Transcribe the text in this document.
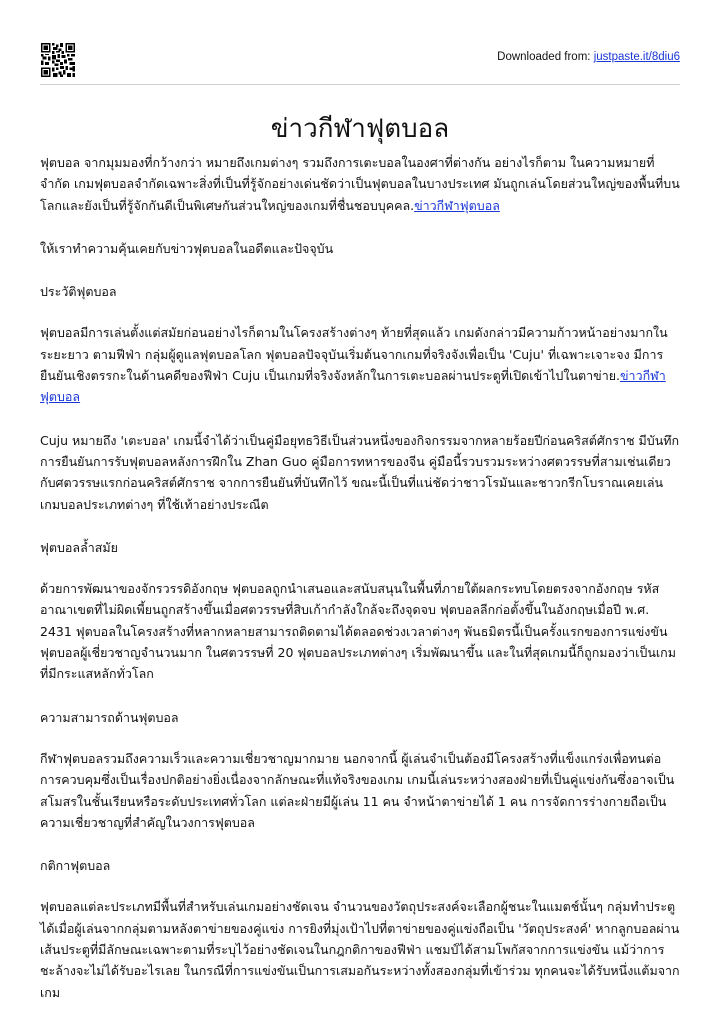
Downloaded from: justpaste.it/8diu6
ข่าวกีฬาฟุตบอล

ฟุตบอล จากมุมมองที่กว้างกว่า หมายถึงเกมต่างๆ รวมถึงการเตะบอลในองศาที่ต่างกัน อย่างไรก็ตาม ในความหมายที่จำกัด เกมฟุตบอลจำกัดเฉพาะสิ่งที่เป็นที่รู้จักอย่างเด่นชัดว่าเป็นฟุตบอลในบางประเทศ มันถูกเล่นโดยส่วนใหญ่ของพื้นที่บนโลกและยังเป็นที่รู้จักกันดีเป็นพิเศษกันส่วนใหญ่ของเกมที่ชื่นชอบบุคคล.ข่าวกีฬาฟุตบอล

ให้เราทำความคุ้นเคยกับข่าวฟุตบอลในอดีตและปัจจุบัน

ประวัติฟุตบอล

ฟุตบอลมีการเล่นตั้งแต่สมัยก่อนอย่างไรก็ตามในโครงสร้างต่างๆ ท้ายที่สุดแล้ว เกมดังกล่าวมีความก้าวหน้าอย่างมากในระยะยาว ตามฟีฟ่า กลุ่มผู้ดูแลฟุตบอลโลก ฟุตบอลปัจจุบันเริ่มต้นจากเกมที่จริงจังเพื่อเป็น 'Cuju' ที่เฉพาะเจาะจง มีการยืนยันเชิงตรรกะในด้านคดีของฟีฟ่า Cuju เป็นเกมที่จริงจังหลักในการเตะบอลผ่านประตูที่เปิดเข้าไปในตาข่าย.ข่าวกีฬาฟุตบอล

Cuju หมายถึง 'เตะบอล' เกมนี้จำได้ว่าเป็นคู่มือยุทธวิธีเป็นส่วนหนึ่งของกิจกรรมจากหลายร้อยปีก่อนคริสต์ศักราช มีบันทึกการยืนยันการรับฟุตบอลหลังการฝึกใน Zhan Guo คู่มือการทหารของจีน คู่มือนี้รวบรวมระหว่างศตวรรษที่สามเช่นเดียวกับศตวรรษแรกก่อนคริสต์ศักราช จากการยืนยันที่บันทึกไว้ ขณะนี้เป็นที่แน่ชัดว่าชาวโรมันและชาวกรีกโบราณเคยเล่นเกมบอลประเภทต่างๆ ที่ใช้เท้าอย่างประณีต

ฟุตบอลล้ำสมัย

ด้วยการพัฒนาของจักรวรรดิอังกฤษ ฟุตบอลถูกนำเสนอและสนับสนุนในพื้นที่ภายใต้ผลกระทบโดยตรงจากอังกฤษ รหัสอาณาเขตที่ไม่ผิดเพี้ยนถูกสร้างขึ้นเมื่อศตวรรษที่สิบเก้ากำลังใกล้จะถึงจุดจบ ฟุตบอลลีกก่อตั้งขึ้นในอังกฤษเมื่อปี พ.ศ. 2431 ฟุตบอลในโครงสร้างที่หลากหลายสามารถติดตามได้ตลอดช่วงเวลาต่างๆ พันธมิตรนี้เป็นครั้งแรกของการแข่งขันฟุตบอลผู้เชี่ยวชาญจำนวนมาก ในศตวรรษที่ 20 ฟุตบอลประเภทต่างๆ เริ่มพัฒนาขึ้น และในที่สุดเกมนี้ก็ถูกมองว่าเป็นเกมที่มีกระแสหลักทั่วโลก

ความสามารถด้านฟุตบอล

กีฬาฟุตบอลรวมถึงความเร็วและความเชี่ยวชาญมากมาย นอกจากนี้ ผู้เล่นจำเป็นต้องมีโครงสร้างที่แข็งแกร่งเพื่อทนต่อการควบคุมซึ่งเป็นเรื่องปกติอย่างยิ่งเนื่องจากลักษณะที่แท้จริงของเกม เกมนี้เล่นระหว่างสองฝ่ายที่เป็นคู่แข่งกันซึ่งอาจเป็นสโมสรในชั้นเรียนหรือระดับประเทศทั่วโลก แต่ละฝ่ายมีผู้เล่น 11 คน จำหน้าตาข่ายได้ 1 คน การจัดการร่างกายถือเป็นความเชี่ยวชาญที่สำคัญในวงการฟุตบอล

กติกาฟุตบอล

ฟุตบอลแต่ละประเภทมีพื้นที่สำหรับเล่นเกมอย่างชัดเจน จำนวนของวัตถุประสงค์จะเลือกผู้ชนะในแมตช์นั้นๆ กลุ่มทำประตูได้เมื่อผู้เล่นจากกลุ่มตามหลังตาข่ายของคู่แข่ง การยิงที่มุ่งเป้าไปที่ตาข่ายของคู่แข่งถือเป็น 'วัตถุประสงค์' หากลูกบอลผ่านเส้นประตูที่มีลักษณะเฉพาะตามที่ระบุไว้อย่างชัดเจนในกฎกติกาของฟีฟ่า แชมป์ได้สามโพกัสจากการแข่งขัน แม้ว่าการชะล้างจะไม่ได้รับอะไรเลย ในกรณีที่การแข่งขันเป็นการเสมอกันระหว่างทั้งสองกลุ่มที่เข้าร่วม ทุกคนจะได้รับหนึ่งแต้มจากเกม
